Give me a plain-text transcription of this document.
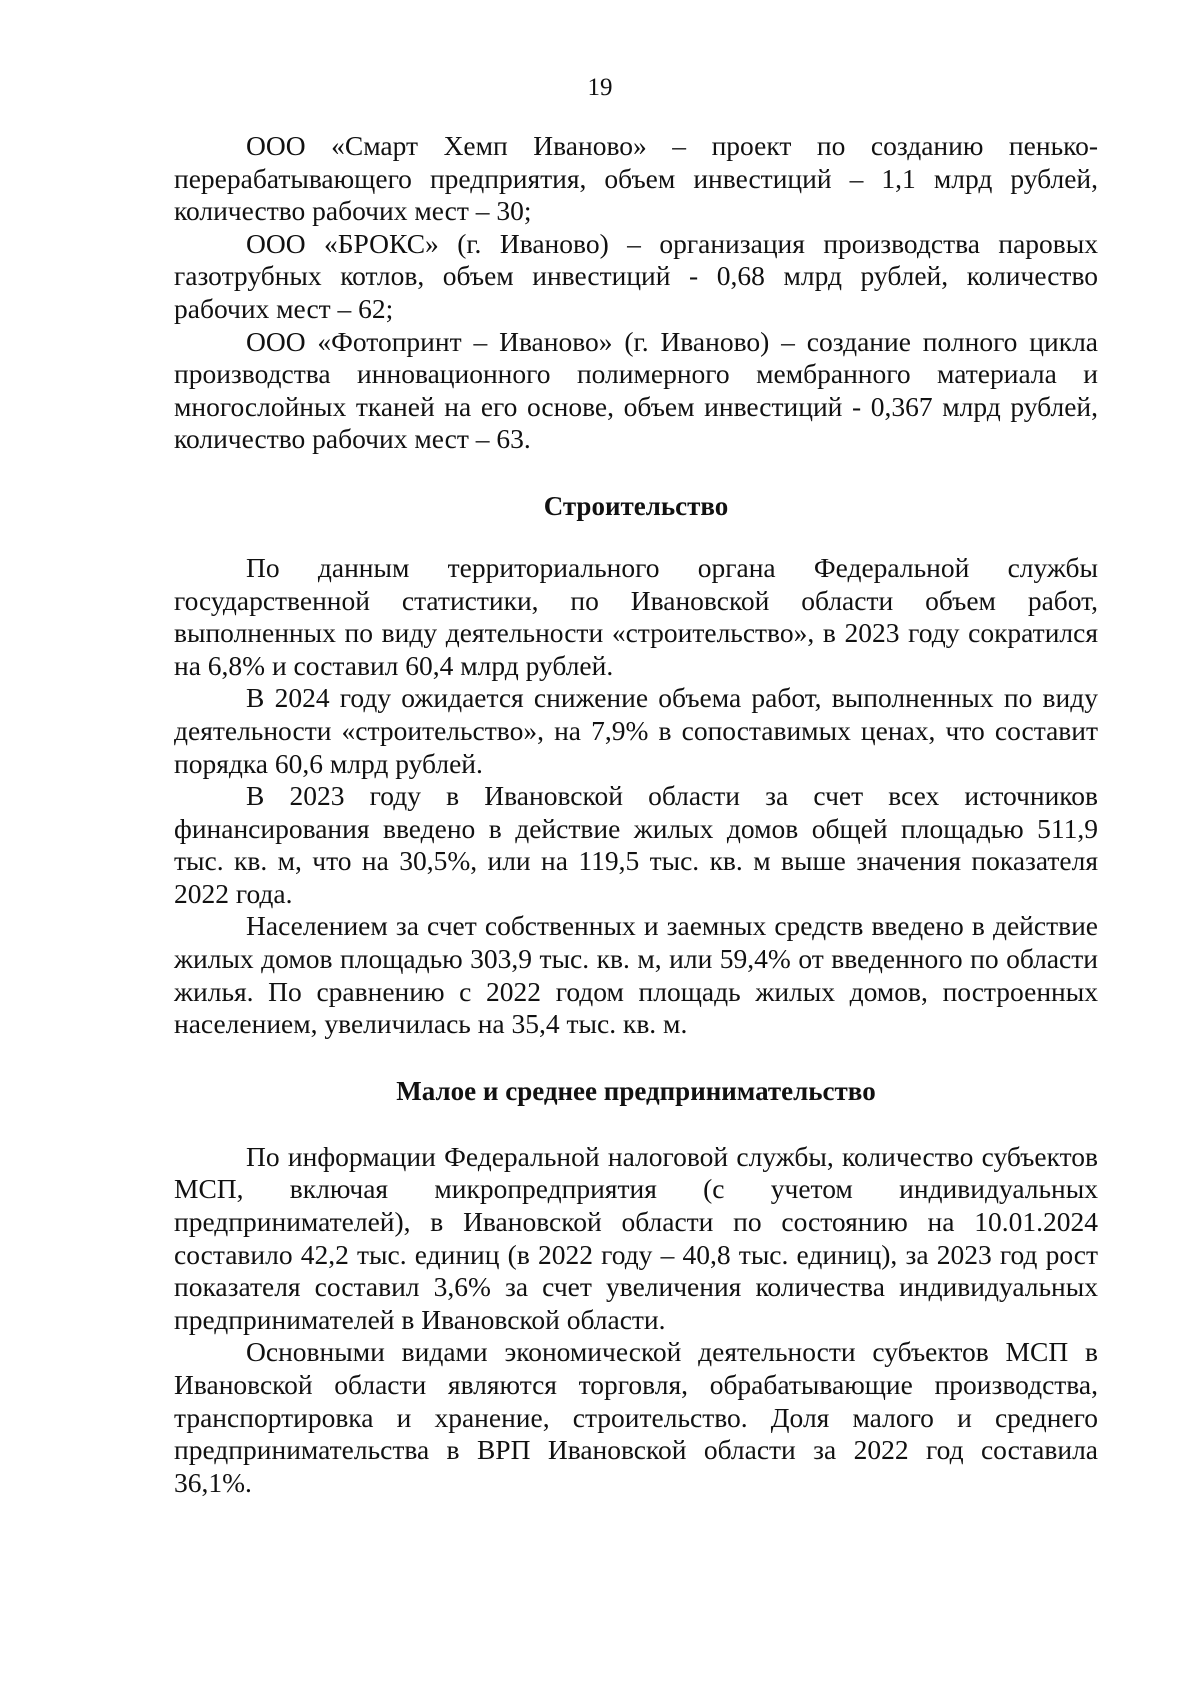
19

ООО «Смарт Хемп Иваново» – проект по созданию пенько-перерабатывающего предприятия, объем инвестиций – 1,1 млрд рублей, количество рабочих мест – 30;

ООО «БРОКС» (г. Иваново) – организация производства паровых газотрубных котлов, объем инвестиций - 0,68 млрд рублей, количество рабочих мест – 62;

ООО «Фотопринт – Иваново» (г. Иваново) – создание полного цикла производства инновационного полимерного мембранного материала и многослойных тканей на его основе, объем инвестиций - 0,367 млрд рублей, количество рабочих мест – 63.

Строительство

По данным территориального органа Федеральной службы государственной статистики, по Ивановской области объем работ, выполненных по виду деятельности «строительство», в 2023 году сократился на 6,8% и составил 60,4 млрд рублей.

В 2024 году ожидается снижение объема работ, выполненных по виду деятельности «строительство», на 7,9% в сопоставимых ценах, что составит порядка 60,6 млрд рублей.

В 2023 году в Ивановской области за счет всех источников финансирования введено в действие жилых домов общей площадью 511,9 тыс. кв. м, что на 30,5%, или на 119,5 тыс. кв. м выше значения показателя 2022 года.

Населением за счет собственных и заемных средств введено в действие жилых домов площадью 303,9 тыс. кв. м, или 59,4% от введенного по области жилья. По сравнению с 2022 годом площадь жилых домов, построенных населением, увеличилась на 35,4 тыс. кв. м.

Малое и среднее предпринимательство

По информации Федеральной налоговой службы, количество субъектов МСП, включая микропредприятия (с учетом индивидуальных предпринимателей), в Ивановской области по состоянию на 10.01.2024 составило 42,2 тыс. единиц (в 2022 году – 40,8 тыс. единиц), за 2023 год рост показателя составил 3,6% за счет увеличения количества индивидуальных предпринимателей в Ивановской области.

Основными видами экономической деятельности субъектов МСП в Ивановской области являются торговля, обрабатывающие производства, транспортировка и хранение, строительство. Доля малого и среднего предпринимательства в ВРП Ивановской области за 2022 год составила 36,1%.
